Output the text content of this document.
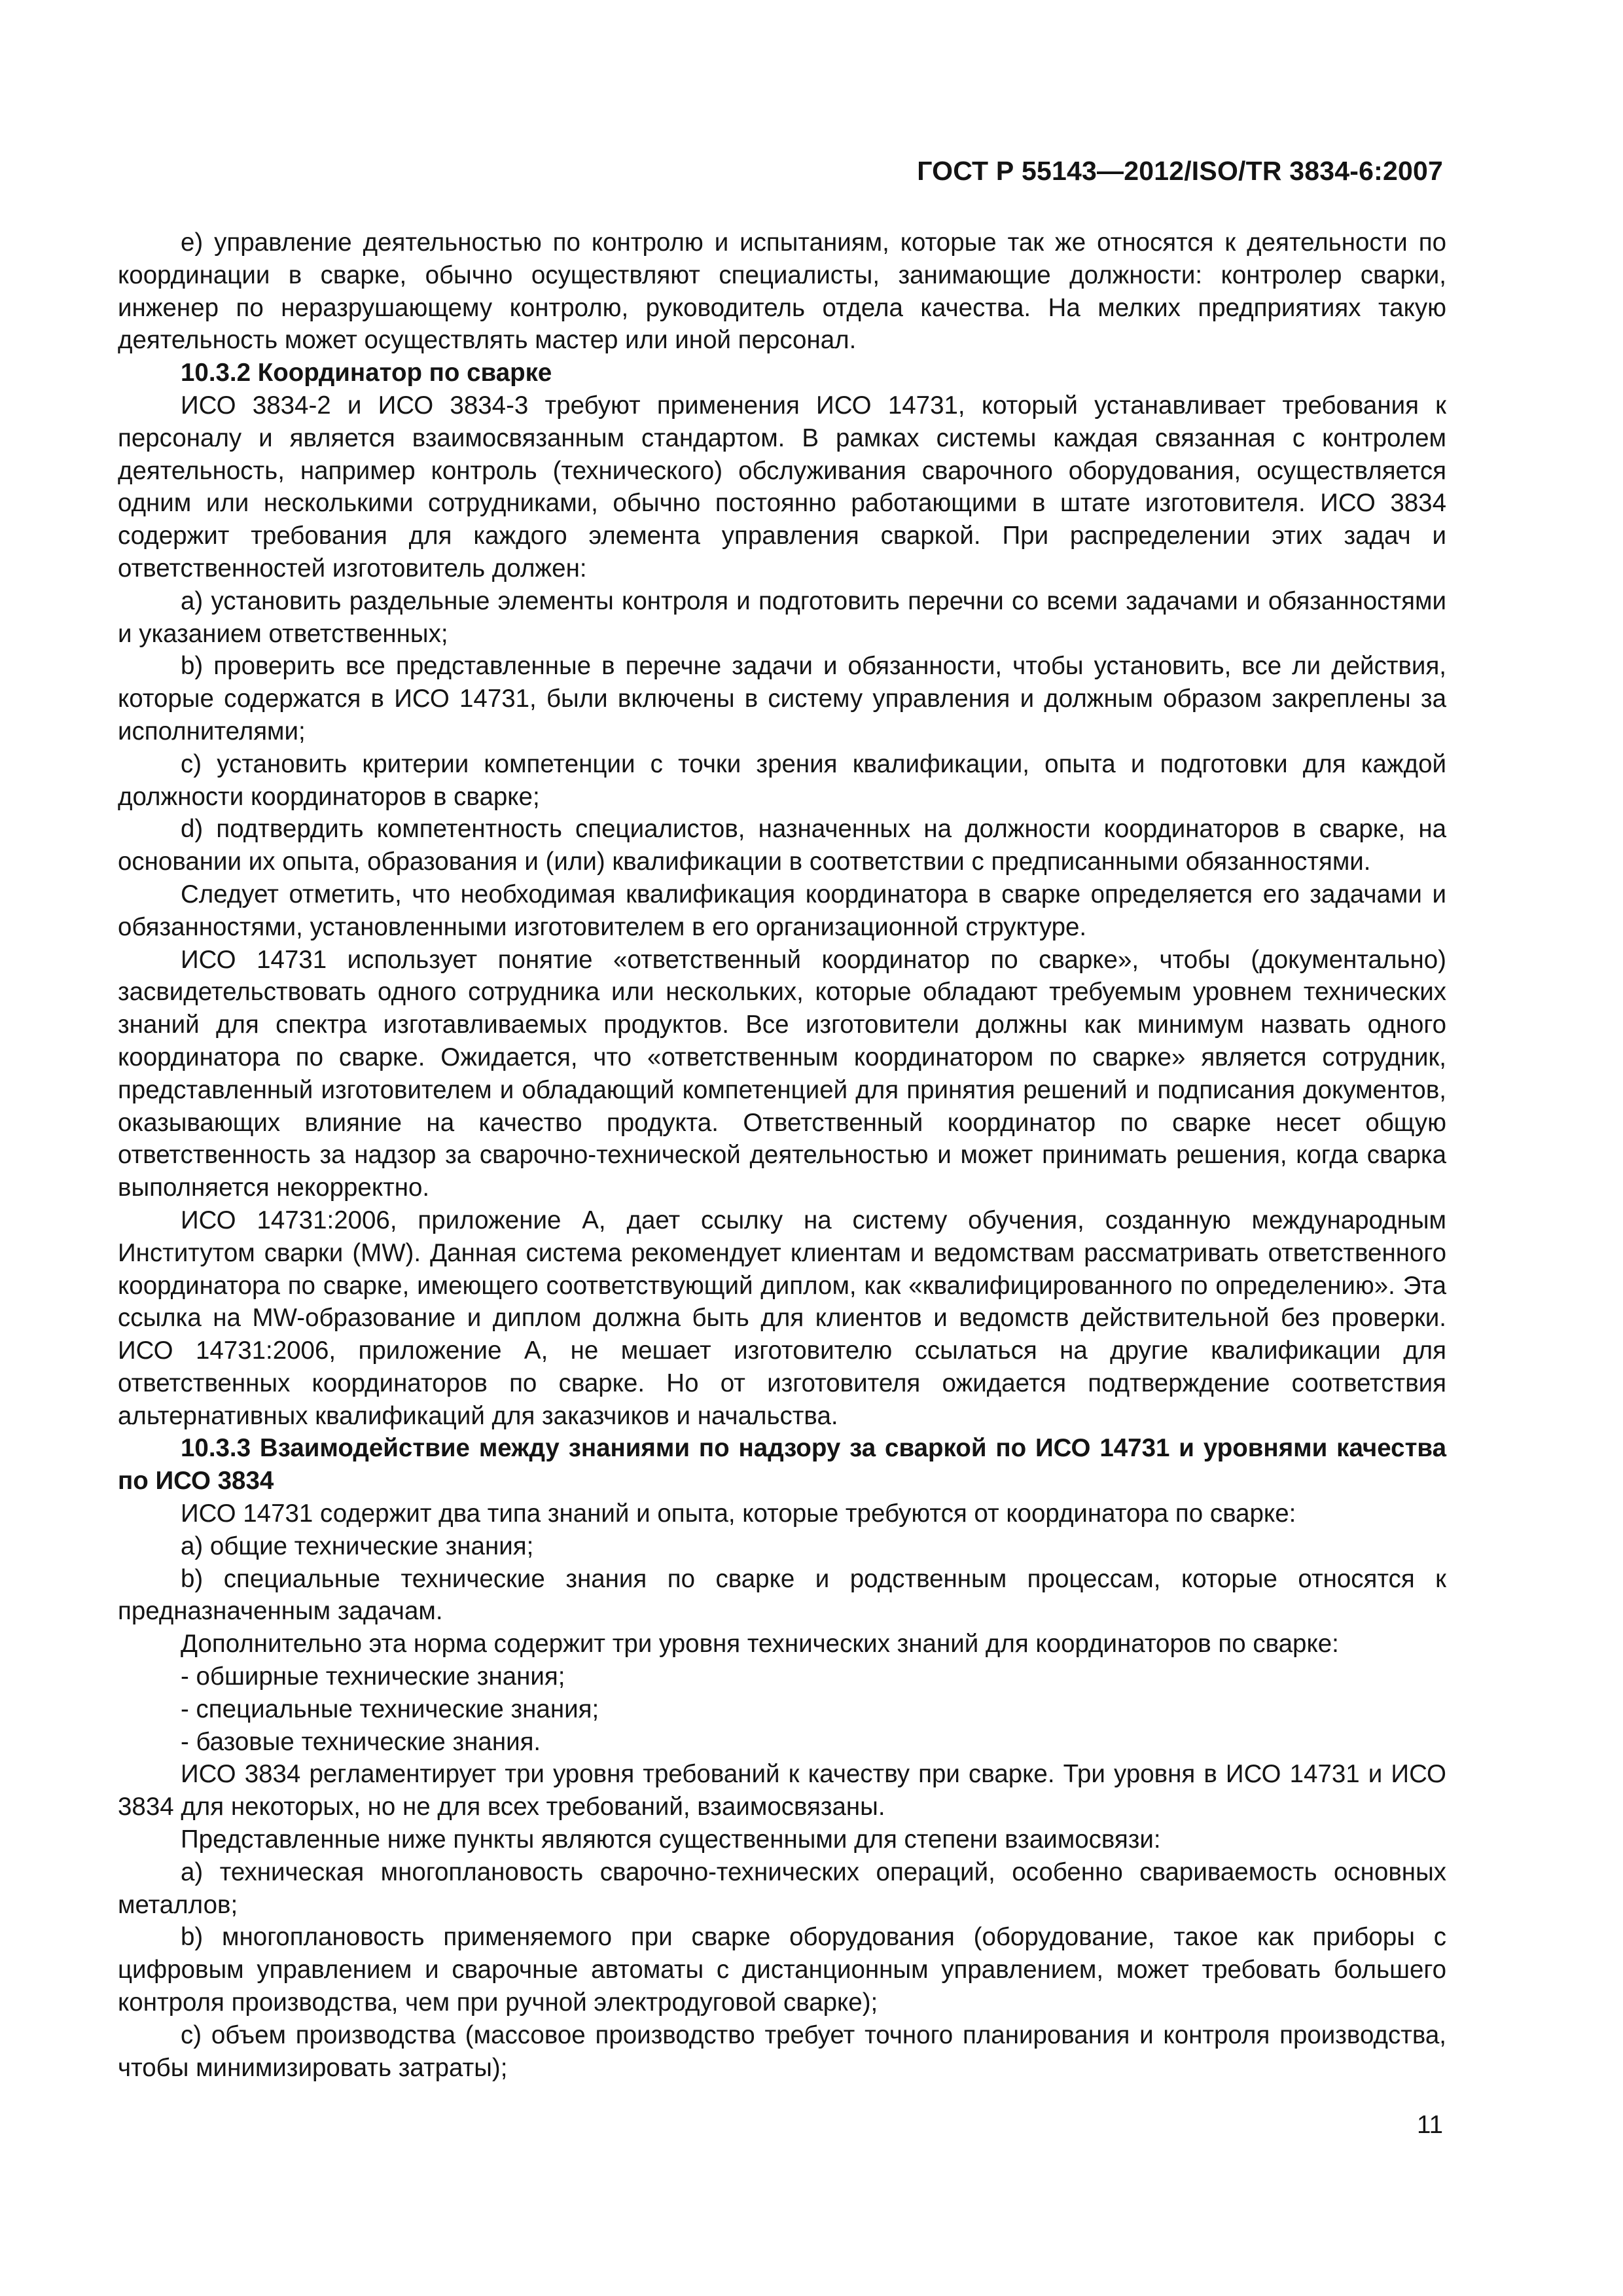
ГОСТ Р 55143—2012/ISO/TR 3834-6:2007

е) управление деятельностью по контролю и испытаниям, которые так же относятся к деятельности по координации в сварке, обычно осуществляют специалисты, занимающие должности: контролер сварки, инженер по неразрушающему контролю, руководитель отдела качества. На мелких предприятиях такую деятельность может осуществлять мастер или иной персонал.

10.3.2 Координатор по сварке

ИСО 3834-2 и ИСО 3834-3 требуют применения ИСО 14731, который устанавливает требования к персоналу и является взаимосвязанным стандартом. В рамках системы каждая связанная с контролем деятельность, например контроль (технического) обслуживания сварочного оборудования, осуществляется одним или несколькими сотрудниками, обычно постоянно работающими в штате изготовителя. ИСО 3834 содержит требования для каждого элемента управления сваркой. При распределении этих задач и ответственностей изготовитель должен:

а) установить раздельные элементы контроля и подготовить перечни со всеми задачами и обязанностями и указанием ответственных;

b) проверить все представленные в перечне задачи и обязанности, чтобы установить, все ли действия, которые содержатся в ИСО 14731, были включены в систему управления и должным образом закреплены за исполнителями;

c) установить критерии компетенции с точки зрения квалификации, опыта и подготовки для каждой должности координаторов в сварке;

d) подтвердить компетентность специалистов, назначенных на должности координаторов в сварке, на основании их опыта, образования и (или) квалификации в соответствии с предписанными обязанностями.

Следует отметить, что необходимая квалификация координатора в сварке определяется его задачами и обязанностями, установленными изготовителем в его организационной структуре.

ИСО 14731 использует понятие «ответственный координатор по сварке», чтобы (документально) засвидетельствовать одного сотрудника или нескольких, которые обладают требуемым уровнем технических знаний для спектра изготавливаемых продуктов. Все изготовители должны как минимум назвать одного координатора по сварке. Ожидается, что «ответственным координатором по сварке» является сотрудник, представленный изготовителем и обладающий компетенцией для принятия решений и подписания документов, оказывающих влияние на качество продукта. Ответственный координатор по сварке несет общую ответственность за надзор за сварочно-технической деятельностью и может принимать решения, когда сварка выполняется некорректно.

ИСО 14731:2006, приложение А, дает ссылку на систему обучения, созданную международным Институтом сварки (MW). Данная система рекомендует клиентам и ведомствам рассматривать ответственного координатора по сварке, имеющего соответствующий диплом, как «квалифицированного по определению». Эта ссылка на MW-образование и диплом должна быть для клиентов и ведомств действительной без проверки. ИСО 14731:2006, приложение А, не мешает изготовителю ссылаться на другие квалификации для ответственных координаторов по сварке. Но от изготовителя ожидается подтверждение соответствия альтернативных квалификаций для заказчиков и начальства.

10.3.3 Взаимодействие между знаниями по надзору за сваркой по ИСО 14731 и уровнями качества по ИСО 3834

ИСО 14731 содержит два типа знаний и опыта, которые требуются от координатора по сварке:

а) общие технические знания;

b) специальные технические знания по сварке и родственным процессам, которые относятся к предназначенным задачам.

Дополнительно эта норма содержит три уровня технических знаний для координаторов по сварке:

- обширные технические знания;

- специальные технические знания;

- базовые технические знания.

ИСО 3834 регламентирует три уровня требований к качеству при сварке. Три уровня в ИСО 14731 и ИСО 3834 для некоторых, но не для всех требований, взаимосвязаны.

Представленные ниже пункты являются существенными для степени взаимосвязи:

а) техническая многоплановость сварочно-технических операций, особенно свариваемость основных металлов;

b) многоплановость применяемого при сварке оборудования (оборудование, такое как приборы с цифровым управлением и сварочные автоматы с дистанционным управлением, может требовать большего контроля производства, чем при ручной электродуговой сварке);

c) объем производства (массовое производство требует точного планирования и контроля производства, чтобы минимизировать затраты);

11
